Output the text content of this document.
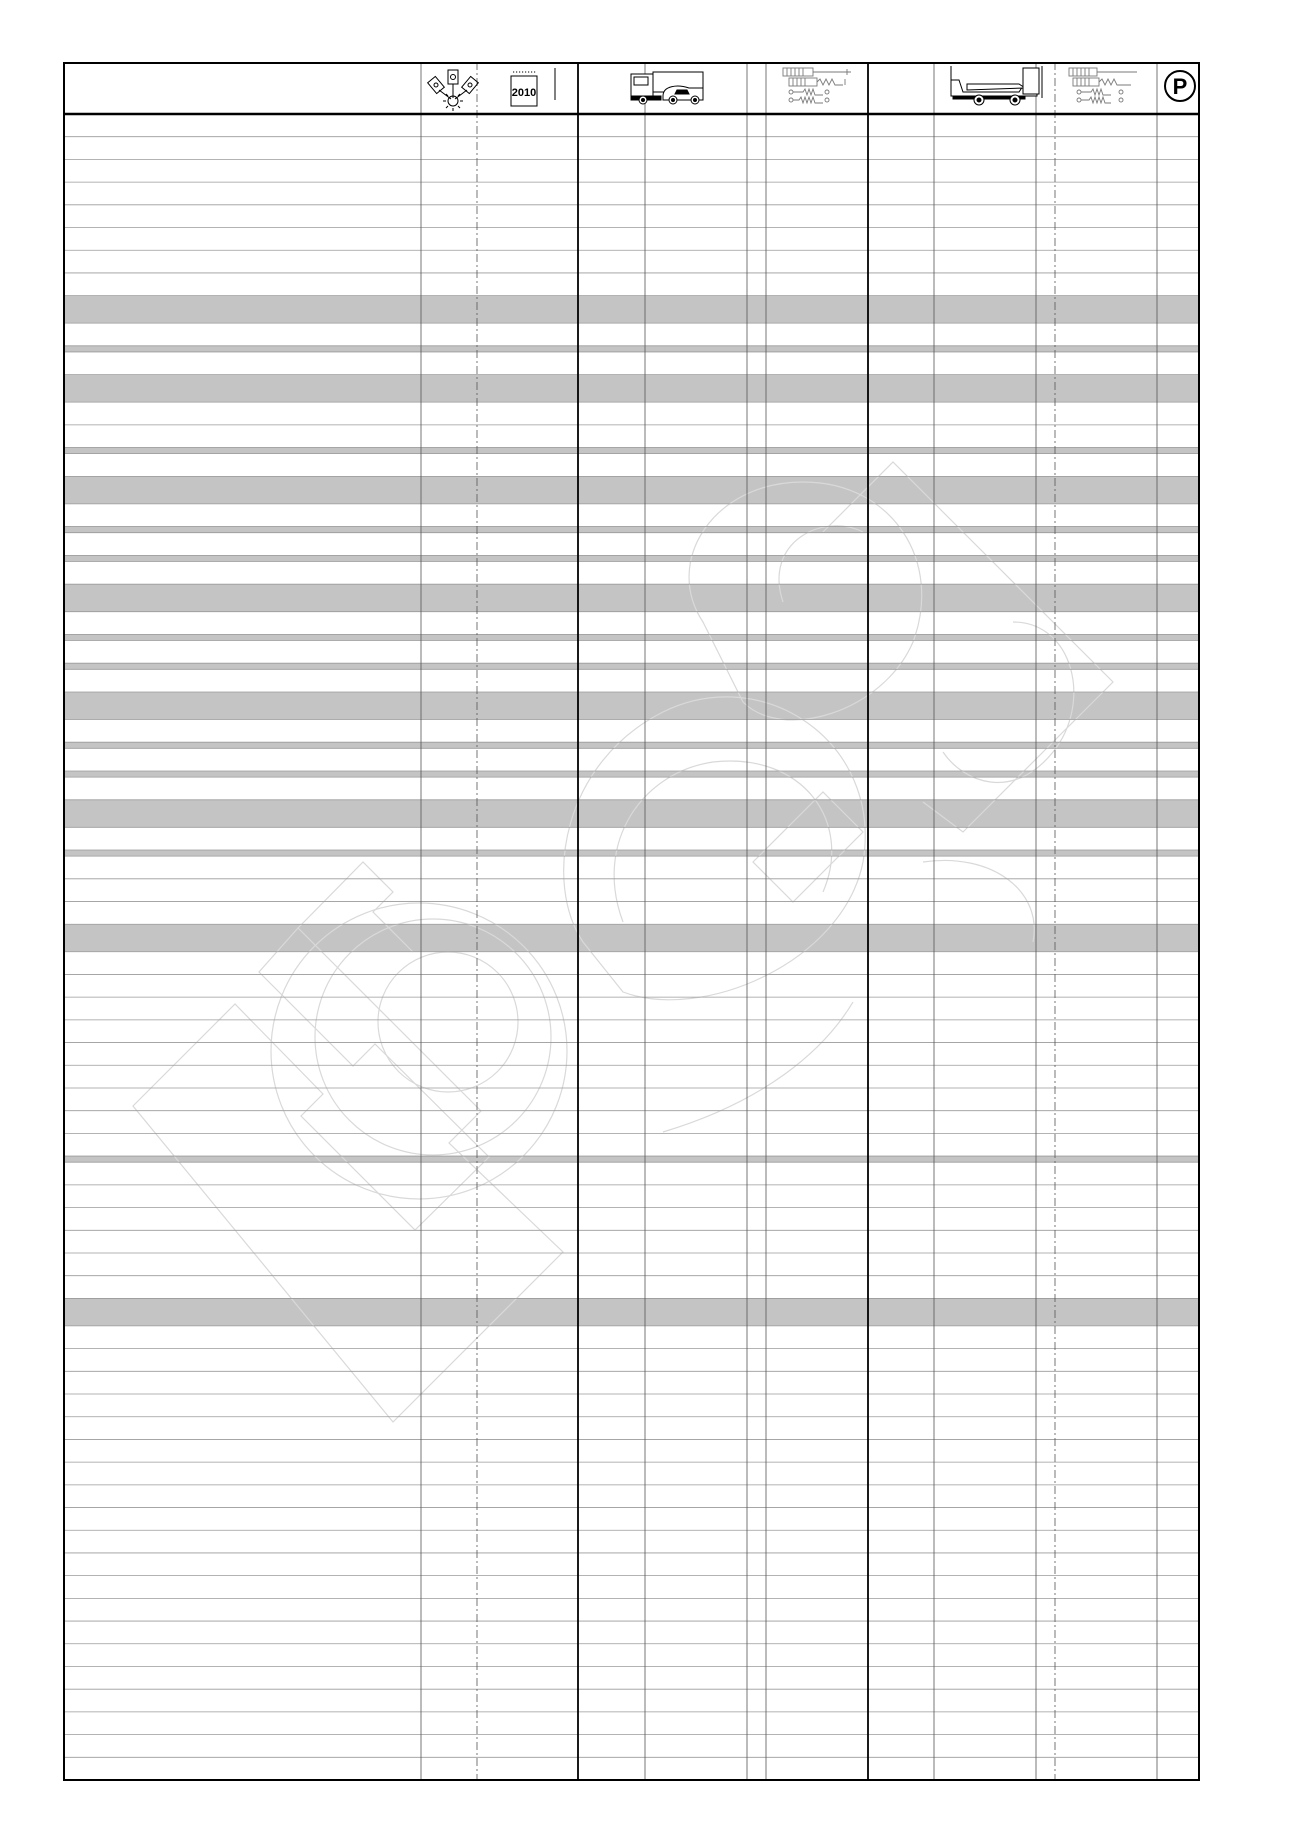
2010	P
